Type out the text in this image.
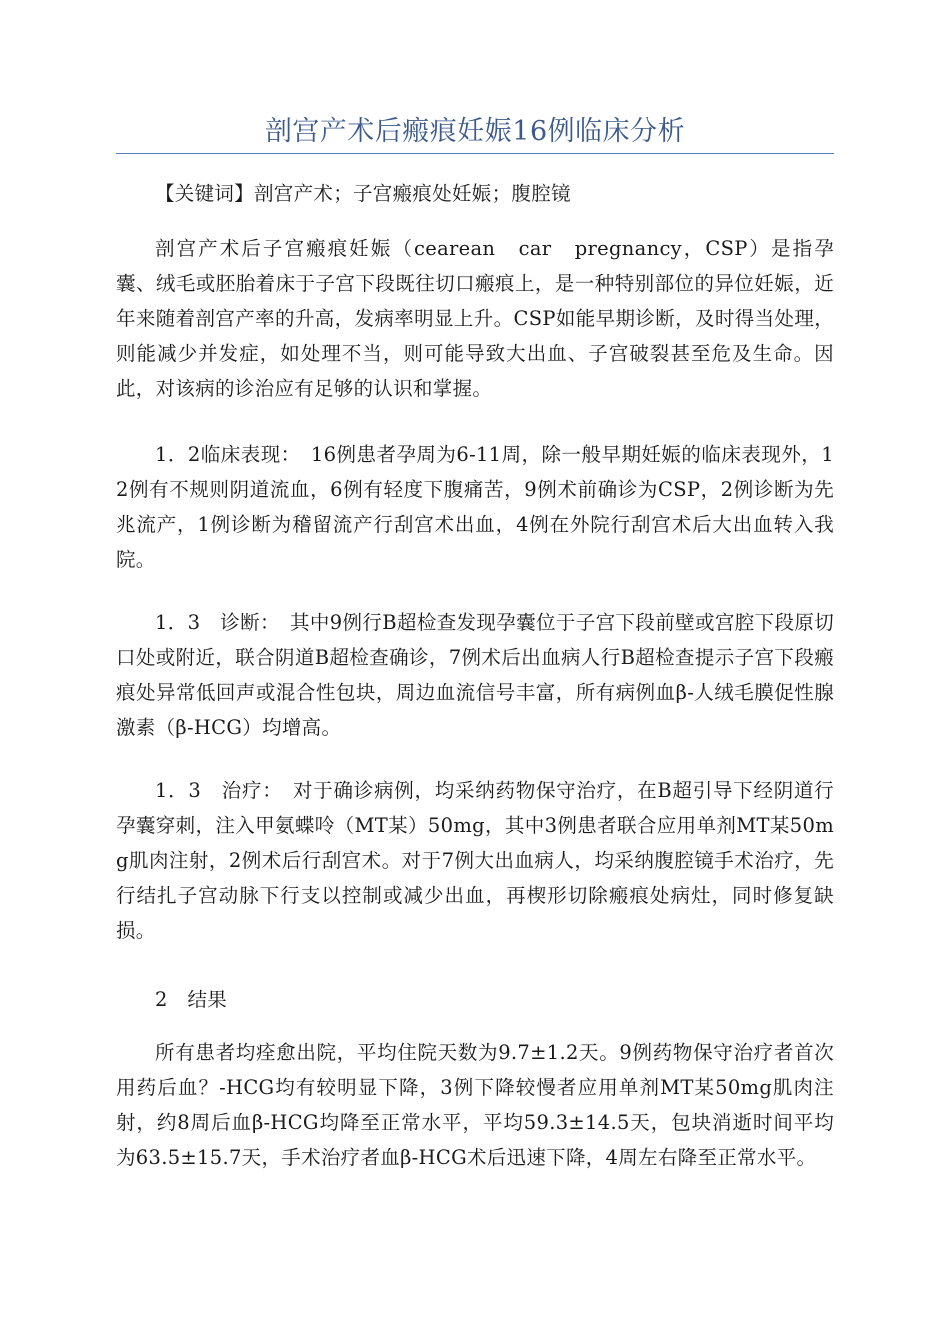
剖宫产术后瘢痕妊娠16例临床分析

【关键词】剖宫产术；子宫瘢痕处妊娠；腹腔镜

剖宫产术后子宫瘢痕妊娠（cearean　car　pregnancy，CSP）是指孕囊、绒毛或胚胎着床于子宫下段既往切口瘢痕上，是一种特别部位的异位妊娠，近年来随着剖宫产率的升高，发病率明显上升。CSP如能早期诊断，及时得当处理，则能减少并发症，如处理不当，则可能导致大出血、子宫破裂甚至危及生命。因此，对该病的诊治应有足够的认识和掌握。

1．2临床表现：　16例患者孕周为6-11周，除一般早期妊娠的临床表现外，12例有不规则阴道流血，6例有轻度下腹痛苦，9例术前确诊为CSP，2例诊断为先兆流产，1例诊断为稽留流产行刮宫术出血，4例在外院行刮宫术后大出血转入我院。

1．3　诊断：　其中9例行B超检查发现孕囊位于子宫下段前壁或宫腔下段原切口处或附近，联合阴道B超检查确诊，7例术后出血病人行B超检查提示子宫下段瘢痕处异常低回声或混合性包块，周边血流信号丰富，所有病例血β-人绒毛膜促性腺激素（β-HCG）均增高。

1．3　治疗：　对于确诊病例，均采纳药物保守治疗，在B超引导下经阴道行孕囊穿刺，注入甲氨蝶呤（MT某）50mg，其中3例患者联合应用单剂MT某50mg肌肉注射，2例术后行刮宫术。对于7例大出血病人，均采纳腹腔镜手术治疗，先行结扎子宫动脉下行支以控制或减少出血，再楔形切除瘢痕处病灶，同时修复缺损。

2　结果

所有患者均痊愈出院，平均住院天数为9.7±1.2天。9例药物保守治疗者首次用药后血？-HCG均有较明显下降，3例下降较慢者应用单剂MT某50mg肌肉注射，约8周后血β-HCG均降至正常水平，平均59.3±14.5天，包块消逝时间平均为63.5±15.7天，手术治疗者血β-HCG术后迅速下降，4周左右降至正常水平。
